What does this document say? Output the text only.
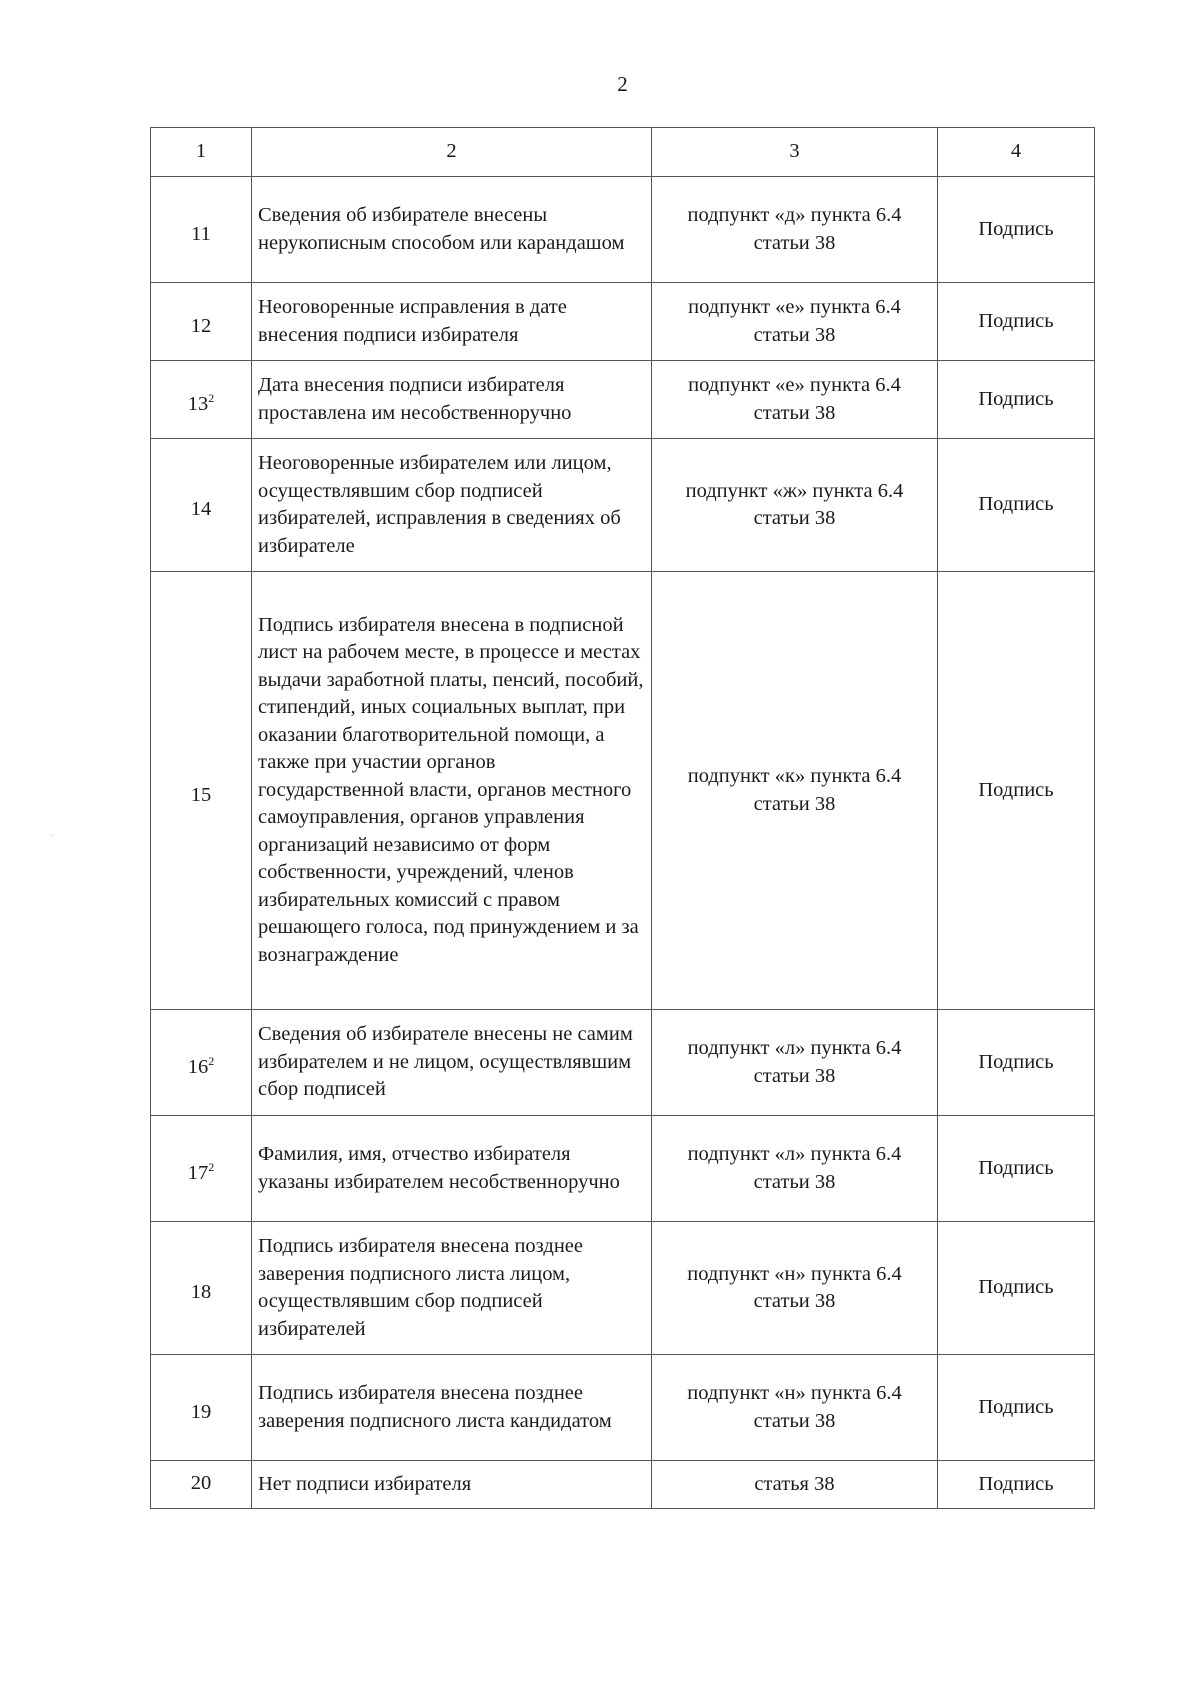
2
1	2	3	4
11	Сведения об избирателе внесены нерукописным способом или карандашом	подпункт «д» пункта 6.4 статьи 38	Подпись
12	Неоговоренные исправления в дате внесения подписи избирателя	подпункт «е» пункта 6.4 статьи 38	Подпись
$13^2$	Дата внесения подписи избирателя проставлена им несобственноручно	подпункт «е» пункта 6.4 статьи 38	Подпись
14	Неоговоренные избирателем или лицом, осуществлявшим сбор подписей избирателей, исправления в сведениях об избирателе	подпункт «ж» пункта 6.4 статьи 38	Подпись
15	Подпись избирателя внесена в подписной лист на рабочем месте, в процессе и местах выдачи заработной платы, пенсий, пособий, стипендий, иных социальных выплат, при оказании благотворительной помощи, а также при участии органов государственной власти, органов местного самоуправления, органов управления организаций независимо от форм собственности, учреждений, членов избирательных комиссий с правом решающего голоса, под принуждением и за вознаграждение	подпункт «к» пункта 6.4 статьи 38	Подпись
$16^2$	Сведения об избирателе внесены не самим избирателем и не лицом, осуществлявшим сбор подписей	подпункт «л» пункта 6.4 статьи 38	Подпись
$17^2$	Фамилия, имя, отчество избирателя указаны избирателем несобственноручно	подпункт «л» пункта 6.4 статьи 38	Подпись
18	Подпись избирателя внесена позднее заверения подписного листа лицом, осуществлявшим сбор подписей избирателей	подпункт «н» пункта 6.4 статьи 38	Подпись
19	Подпись избирателя внесена позднее заверения подписного листа кандидатом	подпункт «н» пункта 6.4 статьи 38	Подпись
20	Нет подписи избирателя	статья 38	Подпись
